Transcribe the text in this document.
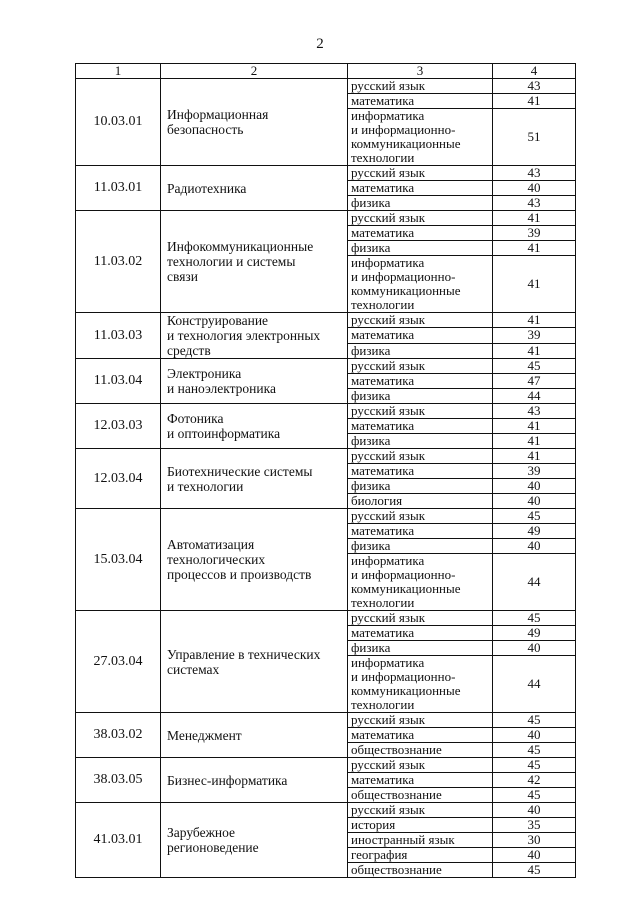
2
1	2	3	4
10.03.01	Информационная
безопасность	русский язык	43
		математика	41
		информатика
и информационно-
коммуникационные
технологии	51
11.03.01	Радиотехника	русский язык	43
		математика	40
		физика	43
11.03.02	Инфокоммуникационные
технологии и системы
связи	русский язык	41
		математика	39
		физика	41
		информатика
и информационно-
коммуникационные
технологии	41
11.03.03	Конструирование
и технология электронных
средств	русский язык	41
		математика	39
		физика	41
11.03.04	Электроника
и наноэлектроника	русский язык	45
		математика	47
		физика	44
12.03.03	Фотоника
и оптоинформатика	русский язык	43
		математика	41
		физика	41
12.03.04	Биотехнические системы
и технологии	русский язык	41
		математика	39
		физика	40
		биология	40
15.03.04	Автоматизация
технологических
процессов и производств	русский язык	45
		математика	49
		физика	40
		информатика
и информационно-
коммуникационные
технологии	44
27.03.04	Управление в технических
системах	русский язык	45
		математика	49
		физика	40
		информатика
и информационно-
коммуникационные
технологии	44
38.03.02	Менеджмент	русский язык	45
		математика	40
		обществознание	45
38.03.05	Бизнес-информатика	русский язык	45
		математика	42
		обществознание	45
41.03.01	Зарубежное
регионоведение	русский язык	40
		история	35
		иностранный язык	30
		география	40
		обществознание	45
